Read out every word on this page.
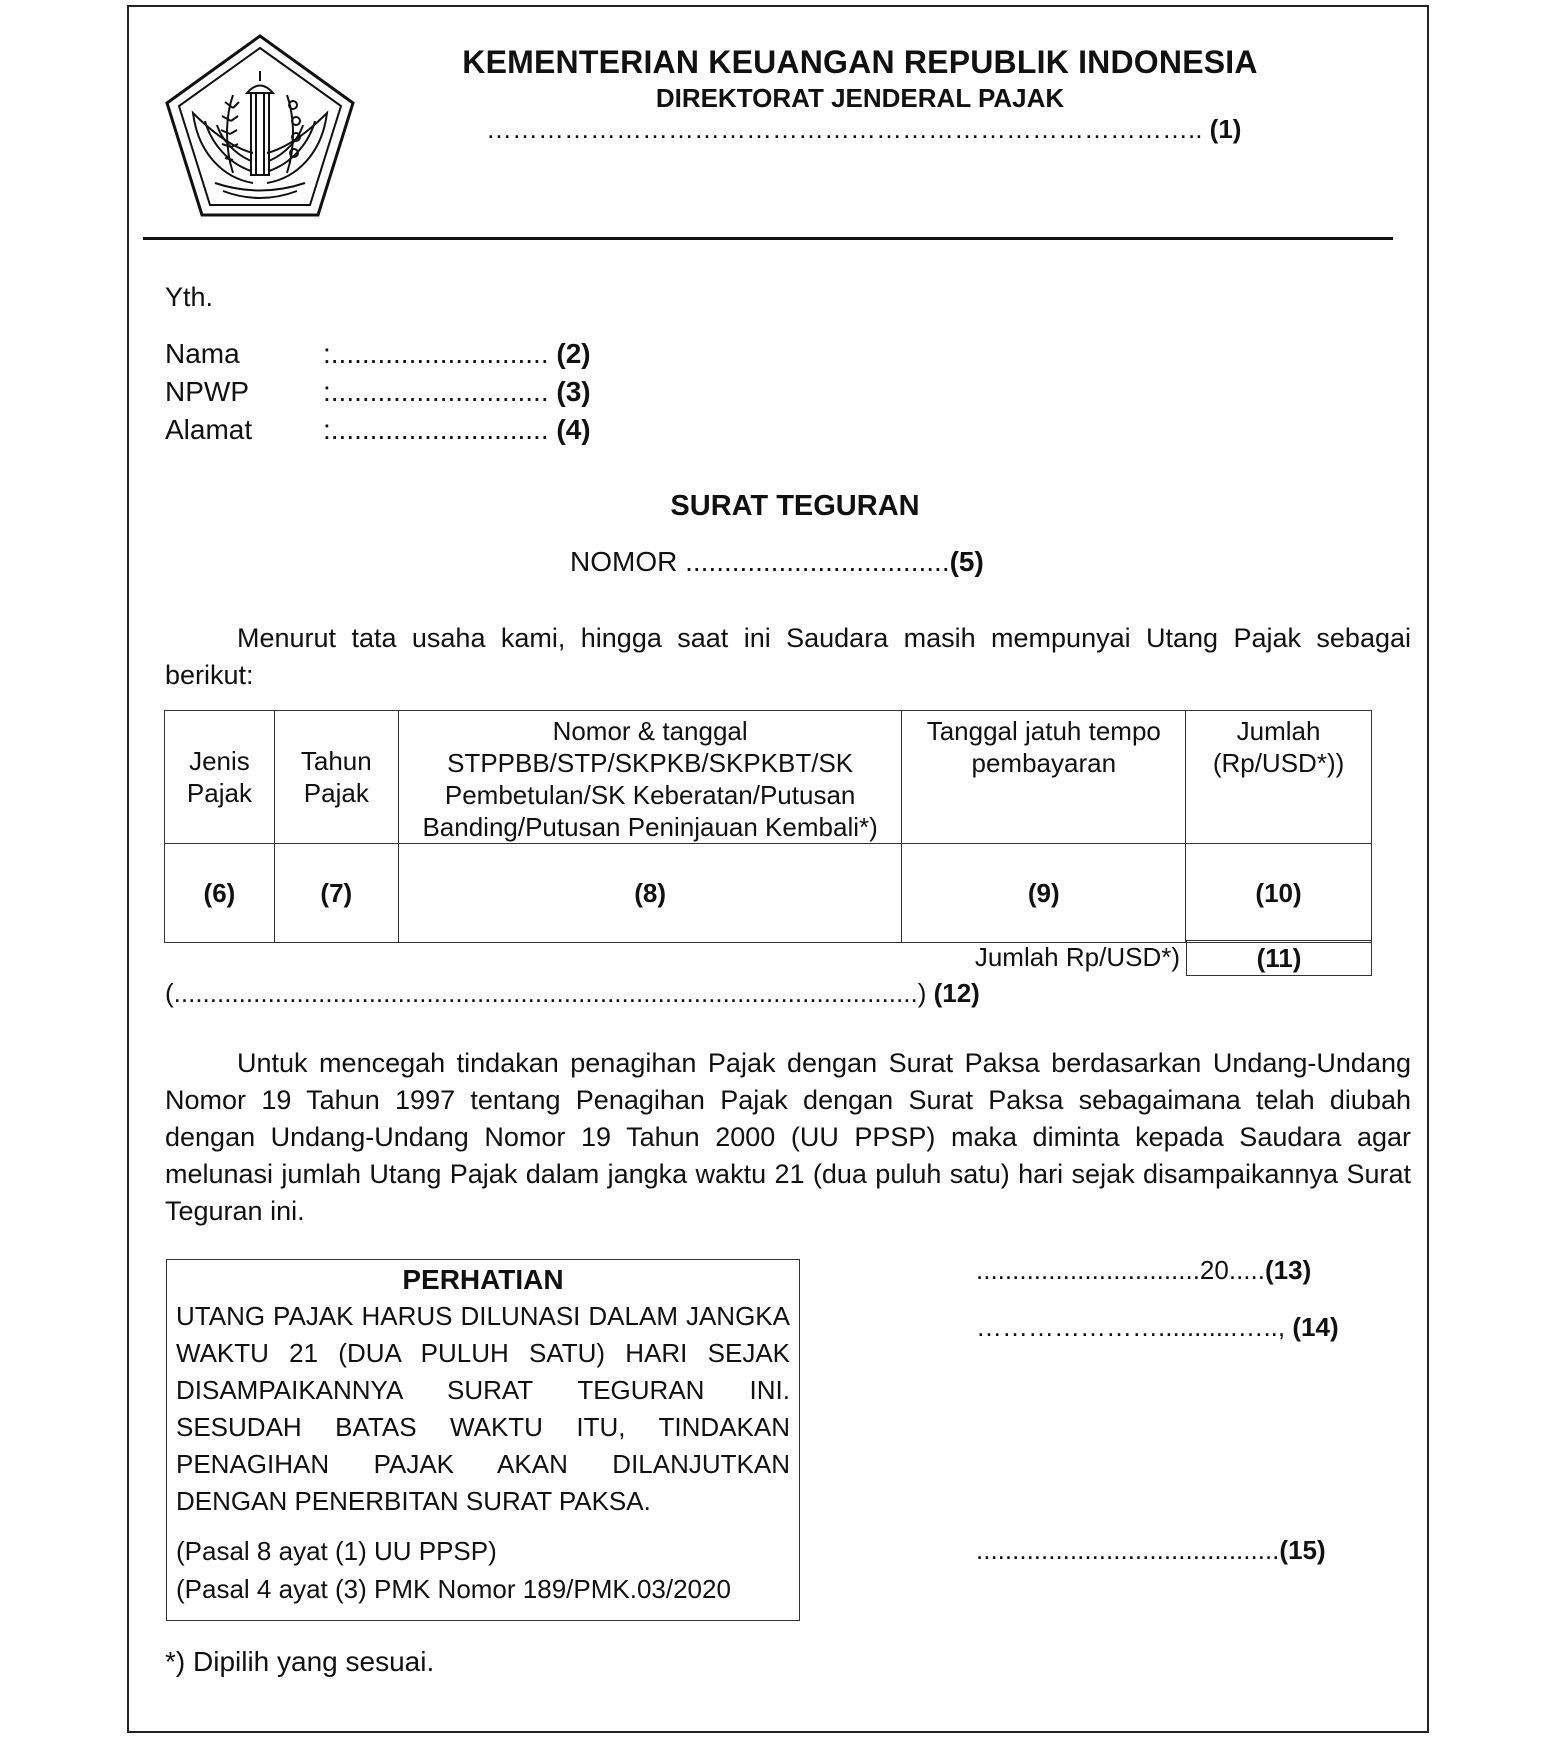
KEMENTERIAN KEUANGAN REPUBLIK INDONESIA
DIREKTORAT JENDERAL PAJAK
……………………………………………………………………….. (1)
Yth.
Nama	:............................ (2)
NPWP	:............................ (3)
Alamat	:............................ (4)
SURAT TEGURAN
NOMOR ..................................(5)
Menurut tata usaha kami, hingga saat ini Saudara masih mempunyai Utang Pajak sebagai berikut:
Jenis Pajak	Tahun Pajak	Nomor & tanggal STPPBB/STP/SKPKB/SKPKBT/SK Pembetulan/SK Keberatan/Putusan Banding/Putusan Peninjauan Kembali*)	Tanggal jatuh tempo pembayaran	Jumlah (Rp/USD*))
(6)	(7)	(8)	(9)	(10)
Jumlah Rp/USD*)	(11)
(.......................................................................................................) (12)
Untuk mencegah tindakan penagihan Pajak dengan Surat Paksa berdasarkan Undang-Undang Nomor 19 Tahun 1997 tentang Penagihan Pajak dengan Surat Paksa sebagaimana telah diubah dengan Undang-Undang Nomor 19 Tahun 2000 (UU PPSP) maka diminta kepada Saudara agar melunasi jumlah Utang Pajak dalam jangka waktu 21 (dua puluh satu) hari sejak disampaikannya Surat Teguran ini.
PERHATIAN
UTANG PAJAK HARUS DILUNASI DALAM JANGKA WAKTU 21 (DUA PULUH SATU) HARI SEJAK DISAMPAIKANNYA SURAT TEGURAN INI. SESUDAH BATAS WAKTU ITU, TINDAKAN PENAGIHAN PAJAK AKAN DILANJUTKAN DENGAN PENERBITAN SURAT PAKSA.
(Pasal 8 ayat (1) UU PPSP)
(Pasal 4 ayat (3) PMK Nomor 189/PMK.03/2020
...............................20.....(13)
…………………...........….., (14)
..........................................(15)
*) Dipilih yang sesuai.
